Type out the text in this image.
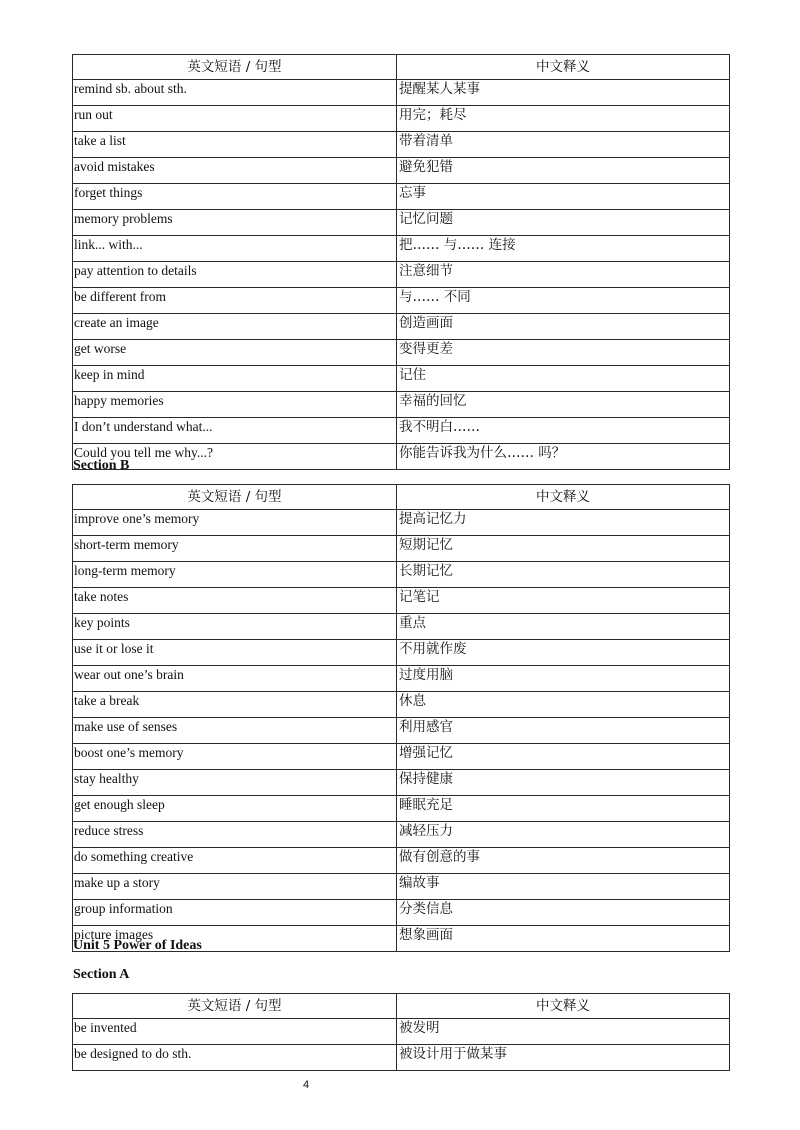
英文短语 / 句型	中文释义
remind sb. about sth.	提醒某人某事
run out	用完；耗尽
take a list	带着清单
avoid mistakes	避免犯错
forget things	忘事
memory problems	记忆问题
link... with...	把…… 与…… 连接
pay attention to details	注意细节
be different from	与…… 不同
create an image	创造画面
get worse	变得更差
keep in mind	记住
happy memories	幸福的回忆
I don’t understand what...	我不明白……
Could you tell me why...?	你能告诉我为什么…… 吗？

Section B

英文短语 / 句型	中文释义
improve one’s memory	提高记忆力
short-term memory	短期记忆
long-term memory	长期记忆
take notes	记笔记
key points	重点
use it or lose it	不用就作废
wear out one’s brain	过度用脑
take a break	休息
make use of senses	利用感官
boost one’s memory	增强记忆
stay healthy	保持健康
get enough sleep	睡眠充足
reduce stress	减轻压力
do something creative	做有创意的事
make up a story	编故事
group information	分类信息
picture images	想象画面

Unit 5 Power of Ideas

Section A

英文短语 / 句型	中文释义
be invented	被发明
be designed to do sth.	被设计用于做某事
4
